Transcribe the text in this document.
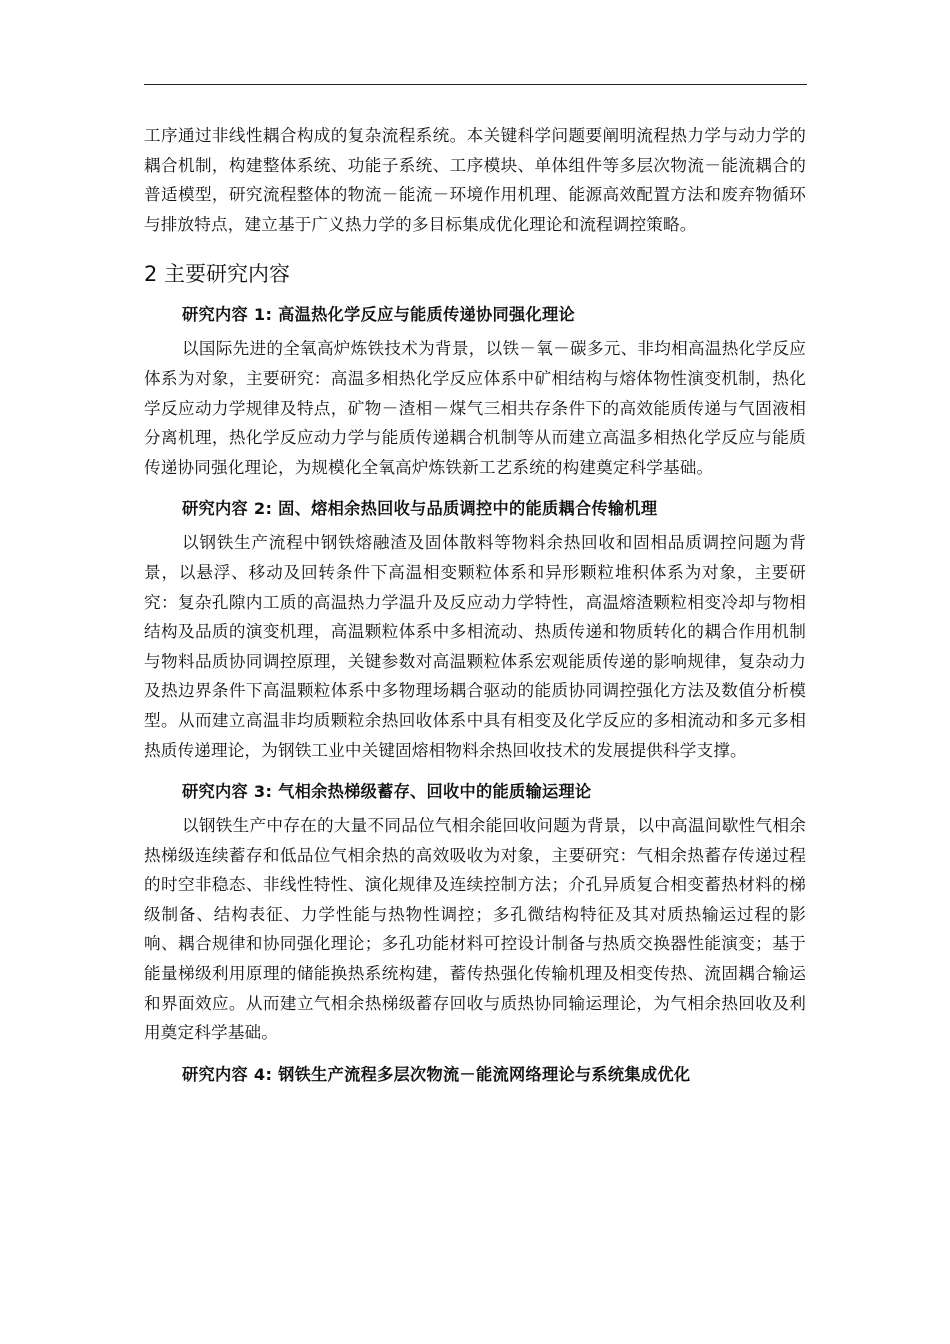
工序通过非线性耦合构成的复杂流程系统。本关键科学问题要阐明流程热力学与动力学的耦合机制，构建整体系统、功能子系统、工序模块、单体组件等多层次物流－能流耦合的普适模型，研究流程整体的物流－能流－环境作用机理、能源高效配置方法和废弃物循环与排放特点，建立基于广义热力学的多目标集成优化理论和流程调控策略。

2 主要研究内容
研究内容 1: 高温热化学反应与能质传递协同强化理论

以国际先进的全氧高炉炼铁技术为背景，以铁－氧－碳多元、非均相高温热化学反应体系为对象，主要研究：高温多相热化学反应体系中矿相结构与熔体物性演变机制，热化学反应动力学规律及特点，矿物－渣相－煤气三相共存条件下的高效能质传递与气固液相分离机理，热化学反应动力学与能质传递耦合机制等从而建立高温多相热化学反应与能质传递协同强化理论，为规模化全氧高炉炼铁新工艺系统的构建奠定科学基础。

研究内容 2: 固、熔相余热回收与品质调控中的能质耦合传输机理

以钢铁生产流程中钢铁熔融渣及固体散料等物料余热回收和固相品质调控问题为背景，以悬浮、移动及回转条件下高温相变颗粒体系和异形颗粒堆积体系为对象，主要研究：复杂孔隙内工质的高温热力学温升及反应动力学特性，高温熔渣颗粒相变冷却与物相结构及品质的演变机理，高温颗粒体系中多相流动、热质传递和物质转化的耦合作用机制与物料品质协同调控原理，关键参数对高温颗粒体系宏观能质传递的影响规律，复杂动力及热边界条件下高温颗粒体系中多物理场耦合驱动的能质协同调控强化方法及数值分析模型。从而建立高温非均质颗粒余热回收体系中具有相变及化学反应的多相流动和多元多相热质传递理论，为钢铁工业中关键固熔相物料余热回收技术的发展提供科学支撑。

研究内容 3: 气相余热梯级蓄存、回收中的能质输运理论

以钢铁生产中存在的大量不同品位气相余能回收问题为背景，以中高温间歇性气相余热梯级连续蓄存和低品位气相余热的高效吸收为对象，主要研究：气相余热蓄存传递过程的时空非稳态、非线性特性、演化规律及连续控制方法；介孔异质复合相变蓄热材料的梯级制备、结构表征、力学性能与热物性调控；多孔微结构特征及其对质热输运过程的影响、耦合规律和协同强化理论；多孔功能材料可控设计制备与热质交换器性能演变；基于能量梯级利用原理的储能换热系统构建，蓄传热强化传输机理及相变传热、流固耦合输运和界面效应。从而建立气相余热梯级蓄存回收与质热协同输运理论，为气相余热回收及利用奠定科学基础。

研究内容 4: 钢铁生产流程多层次物流－能流网络理论与系统集成优化
